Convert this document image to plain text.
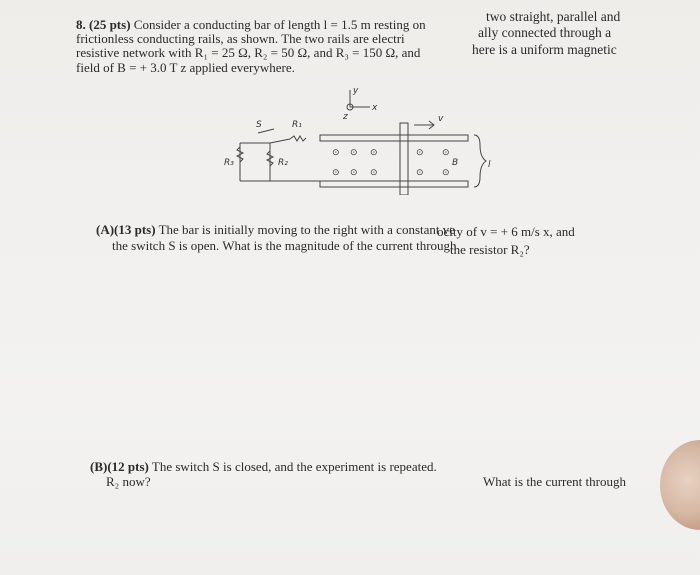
8. (25 pts) Consider a conducting bar of length l = 1.5 m resting on
two straight, parallel and
frictionless conducting rails, as shown. The two rails are electri	ally connected through a
resistive network with R₁ = 25 Ω, R₂ = 50 Ω, and R₃ = 150 Ω, and	here is a uniform magnetic
field of B = + 3.0 T z applied everywhere.
⊙ ⊙ ⊙	⊙ ⊙
⊙ ⊙ ⊙	⊙ ⊙
y
x
z
S	R₁
R₂
R₃	B	l
v
(A)(13 pts) The bar is initially moving to the right with a constant ve
ocity of v = + 6 m/s x, and
the switch S is open. What is the magnitude of the current through
the resistor R₂?
(B)(12 pts) The switch S is closed, and the experiment is repeated.
R₂ now?	What is the current through
